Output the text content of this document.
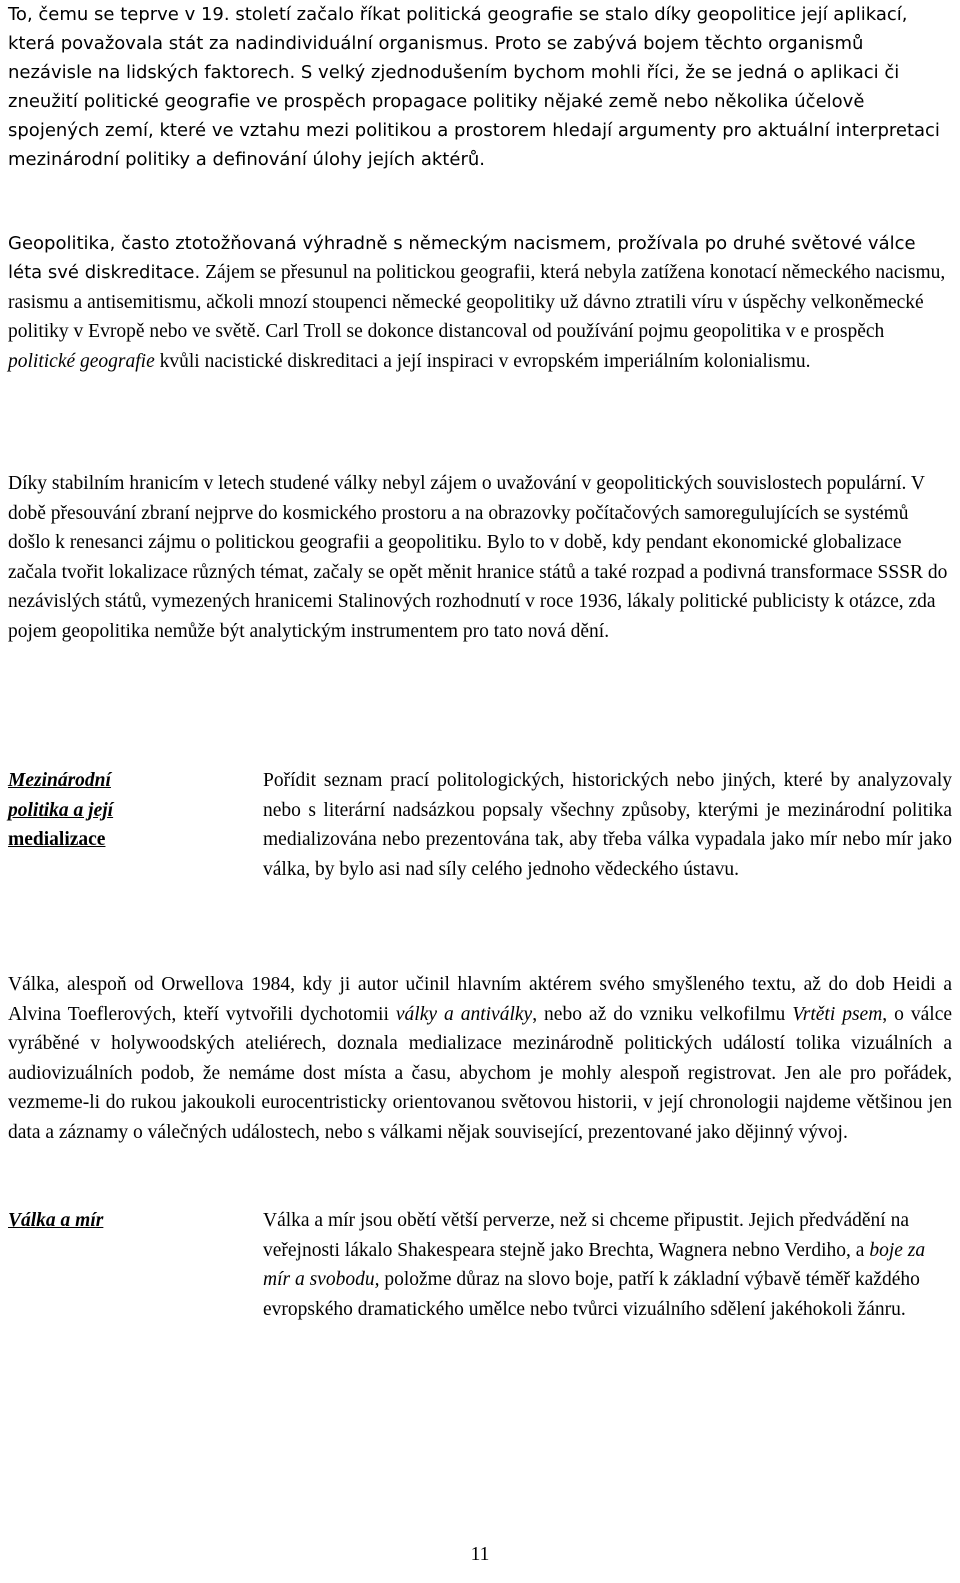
To, čemu se teprve v 19. století začalo říkat politická geografie se stalo díky geopolitice její aplikací, která považovala stát za nadindividuální organismus. Proto se zabývá bojem těchto organismů nezávisle na lidských faktorech. S velký zjednodušením bychom mohli říci, že se jedná o aplikaci či zneužití politické geografie ve prospěch propagace politiky nějaké země nebo několika účelově spojených zemí, které ve vztahu mezi politikou a prostorem hledají argumenty pro aktuální interpretaci mezinárodní politiky a definování úlohy jejích aktérů.

Geopolitika, často ztotožňovaná výhradně s německým nacismem, prožívala po druhé světové válce léta své diskreditace. Zájem se přesunul na politickou geografii, která nebyla zatížena konotací německého nacismu, rasismu a antisemitismu, ačkoli mnozí stoupenci německé geopolitiky už dávno ztratili víru v úspěchy velkoněmecké politiky v Evropě nebo ve světě. Carl Troll se dokonce distancoval od používání pojmu geopolitika v e prospěch politické geografie kvůli nacistické diskreditaci a její inspiraci v evropském imperiálním kolonialismu.

Díky stabilním hranicím v letech studené války nebyl zájem o uvažování v geopolitických souvislostech populární. V době přesouvání zbraní nejprve do kosmického prostoru a na obrazovky počítačových samoregulujících se systémů došlo k renesanci zájmu o politickou geografii a geopolitiku. Bylo to v době, kdy pendant ekonomické globalizace začala tvořit lokalizace různých témat, začaly se opět měnit hranice států a také rozpad a podivná transformace SSSR do nezávislých států, vymezených hranicemi Stalinových rozhodnutí v roce 1936, lákaly politické publicisty k otázce, zda pojem geopolitika nemůže být analytickým instrumentem pro tato nová dění.

Mezinárodní
politika a její
medializace

Pořídit seznam prací politologických, historických nebo jiných, které by analyzovaly nebo s literární nadsázkou popsaly všechny způsoby, kterými je mezinárodní politika medializována nebo prezentována tak, aby třeba válka vypadala jako mír nebo mír jako válka, by bylo asi nad síly celého jednoho vědeckého ústavu.

Válka, alespoň od Orwellova 1984, kdy ji autor učinil hlavním aktérem svého smyšleného textu, až do dob Heidi a Alvina Toeflerových, kteří vytvořili dychotomii války a antiválky, nebo až do vzniku velkofilmu Vrtěti psem, o válce vyráběné v holywoodských ateliérech, doznala medializace mezinárodně politických událostí tolika vizuálních a audiovizuálních podob, že nemáme dost místa a času, abychom je mohly alespoň registrovat. Jen ale pro pořádek, vezmeme-li do rukou jakoukoli eurocentristicky orientovanou světovou historii, v její chronologii najdeme většinou jen data a záznamy o válečných událostech, nebo s válkami nějak související, prezentované jako dějinný vývoj.

Válka a mír	Válka a mír jsou obětí větší perverze, než si chceme připustit. Jejich předvádění na veřejnosti lákalo Shakespeara stejně jako Brechta, Wagnera nebno Verdiho, a boje za mír a svobodu, položme důraz na slovo boje, patří k základní výbavě téměř každého evropského dramatického umělce nebo tvůrci vizuálního sdělení jakéhokoli žánru.

11
